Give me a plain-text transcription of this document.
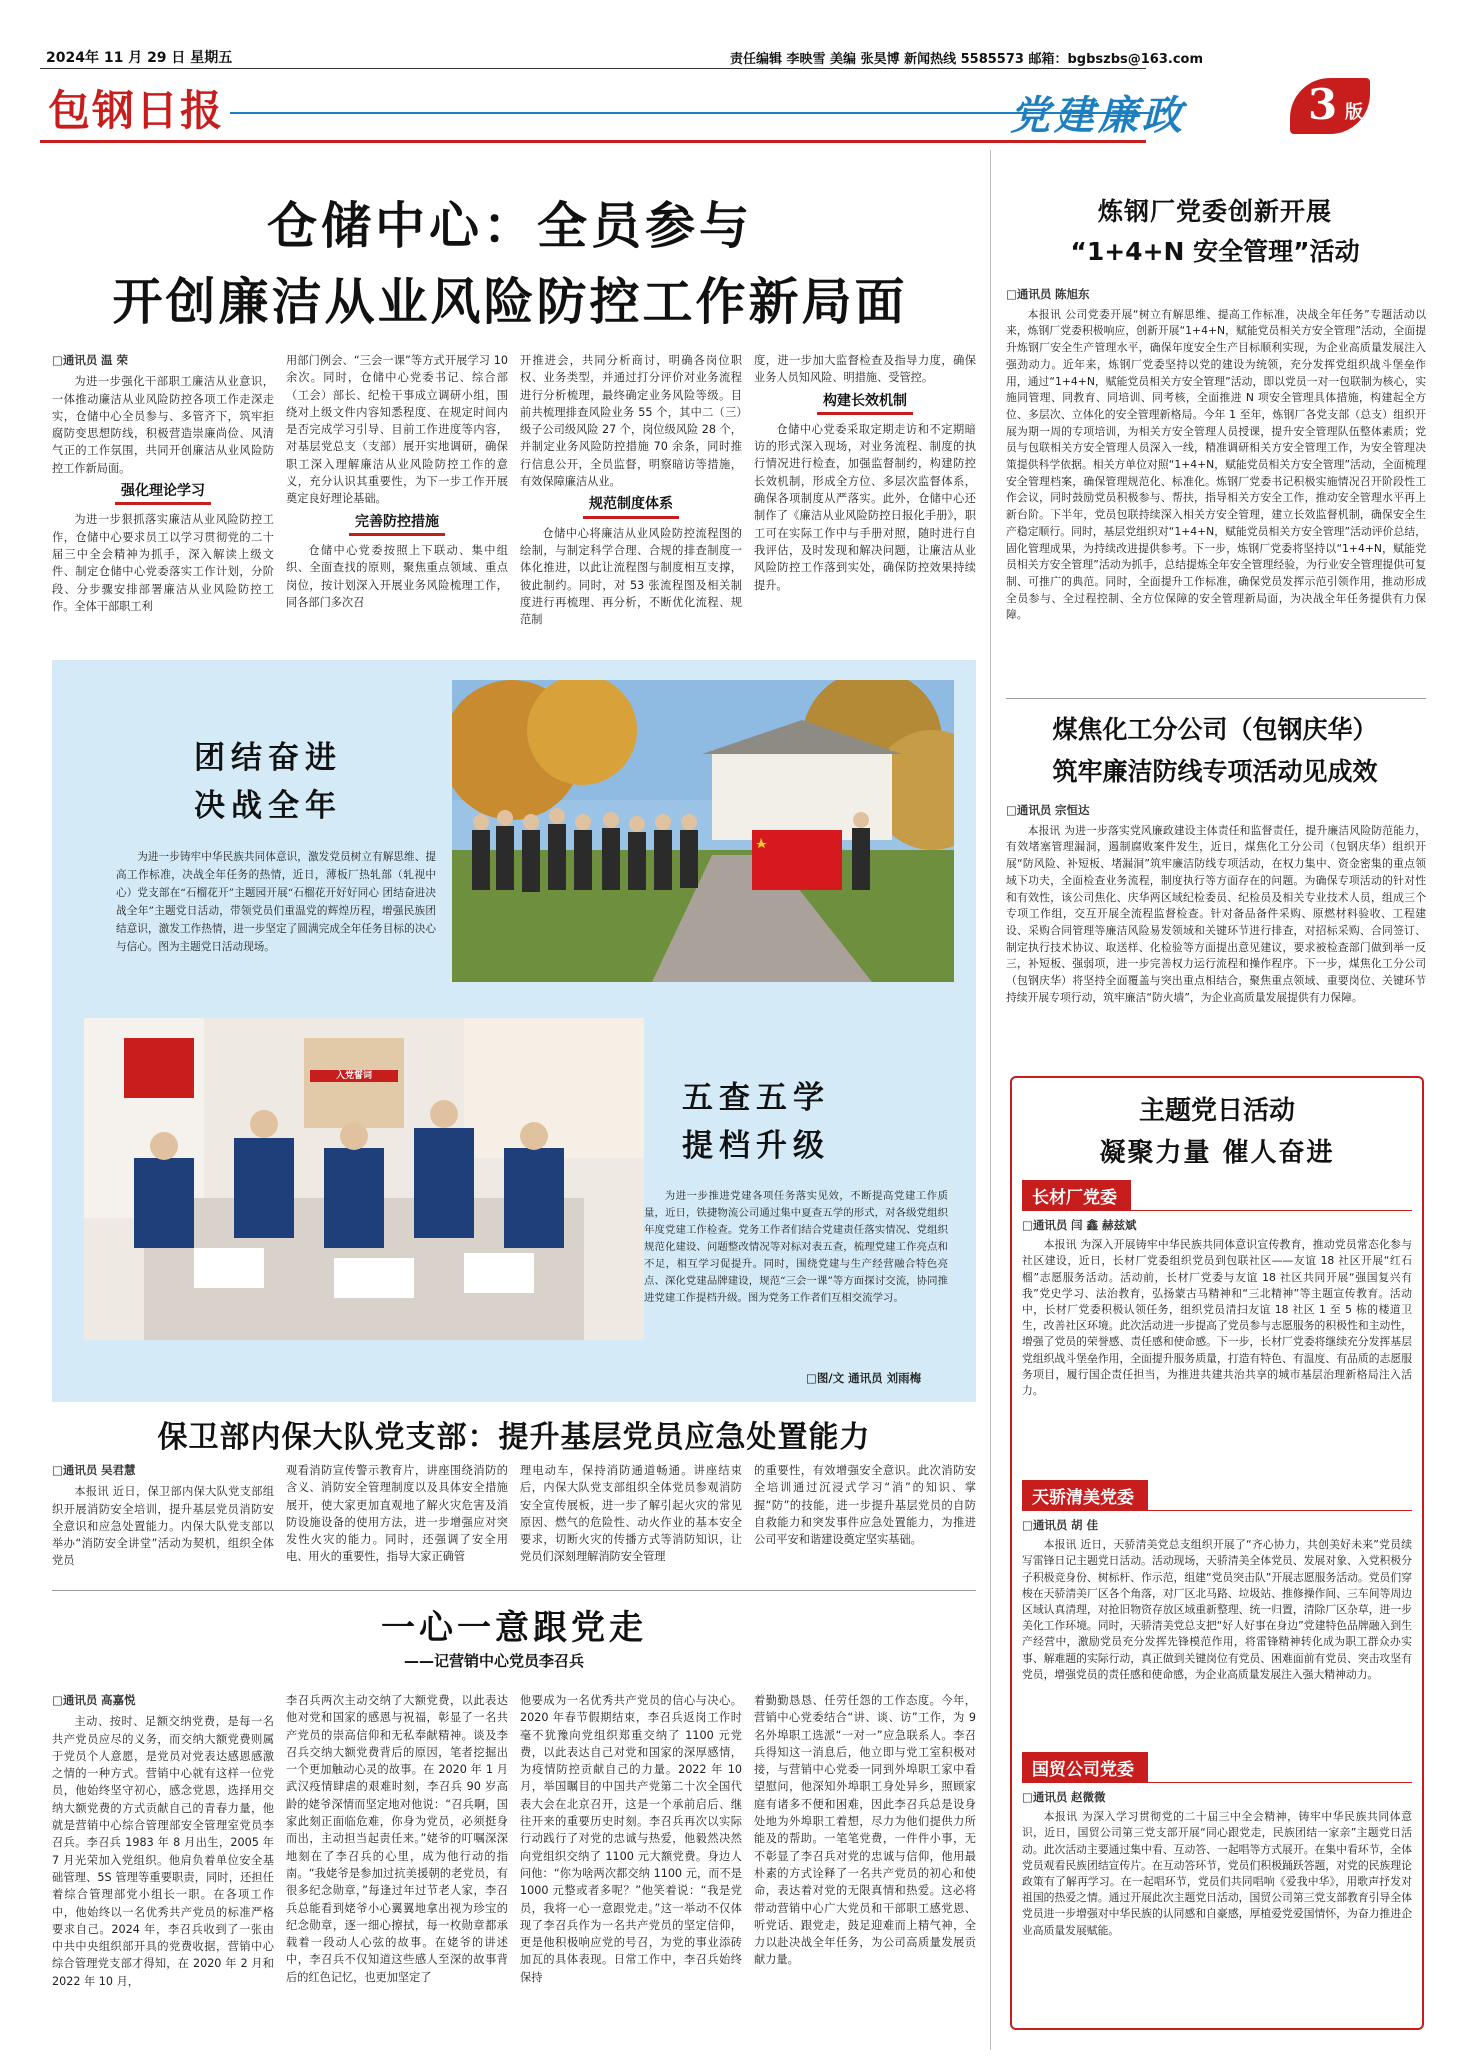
2024年 11 月 29 日 星期五	责任编辑 李映雪 美编 张昊博 新闻热线 5585573 邮箱：bgbszbs@163.com
包钢日报	党建廉政	3 版
仓储中心：全员参与
开创廉洁从业风险防控工作新局面
□通讯员 温 荣

为进一步强化干部职工廉洁从业意识，一体推动廉洁从业风险防控各项工作走深走实，仓储中心全员参与、多管齐下，筑牢拒腐防变思想防线，积极营造崇廉尚俭、风清气正的工作氛围，共同开创廉洁从业风险防控工作新局面。

强化理论学习

为进一步狠抓落实廉洁从业风险防控工作，仓储中心要求员工以学习贯彻党的二十届三中全会精神为抓手，深入解读上级文件、制定仓储中心党委落实工作计划，分阶段、分步骤安排部署廉洁从业风险防控工作。全体干部职工利

用部门例会、“三会一课”等方式开展学习 10 余次。同时，仓储中心党委书记、综合部（工会）部长、纪检干事成立调研小组，围绕对上级文件内容知悉程度、在规定时间内是否完成学习引导、目前工作进度等内容，对基层党总支（支部）展开实地调研，确保职工深入理解廉洁从业风险防控工作的意义，充分认识其重要性，为下一步工作开展奠定良好理论基础。

完善防控措施

仓储中心党委按照上下联动、集中组织、全面查找的原则，聚焦重点领域、重点岗位，按计划深入开展业务风险梳理工作，同各部门多次召

开推进会，共同分析商讨，明确各岗位职权、业务类型，并通过打分评价对业务流程进行分析梳理，最终确定业务风险等级。目前共梳理排查风险业务 55 个，其中二（三）级子公司级风险 27 个，岗位级风险 28 个，并制定业务风险防控措施 70 余条，同时推行信息公开，全员监督，明察暗访等措施，有效保障廉洁从业。

规范制度体系

仓储中心将廉洁从业风险防控流程图的绘制，与制定科学合理、合规的排查制度一体化推进，以此让流程图与制度相互支撑，彼此制约。同时，对 53 张流程图及相关制度进行再梳理、再分析，不断优化流程、规范制

度，进一步加大监督检查及指导力度，确保业务人员知风险、明措施、受管控。

构建长效机制

仓储中心党委采取定期走访和不定期暗访的形式深入现场，对业务流程、制度的执行情况进行检查，加强监督制约，构建防控长效机制，形成全方位、多层次监督体系，确保各项制度从严落实。此外，仓储中心还制作了《廉洁从业风险防控日报化手册》，职工可在实际工作中与手册对照，随时进行自我评估，及时发现和解决问题，让廉洁从业风险防控工作落到实处，确保防控效果持续提升。

团结奋进
决战全年
为进一步铸牢中华民族共同体意识，激发党员树立有解思维、提高工作标准，决战全年任务的热情，近日，薄板厂热轧部（轧视中心）党支部在“石榴花开”主题园开展“石榴花开好好同心 团结奋进决战全年”主题党日活动，带领党员们重温党的辉煌历程，增强民族团结意识，激发工作热情，进一步坚定了圆满完成全年任务目标的决心与信心。图为主题党日活动现场。
入党誓词
五查五学
提档升级
为进一步推进党建各项任务落实见效，不断提高党建工作质量，近日，铁捷物流公司通过集中夏查五学的形式，对各级党组织年度党建工作检查。党务工作者们结合党建责任落实情况、党组织规范化建设、问题整改情况等对标对表五查，梳理党建工作亮点和不足，相互学习促提升。同时，围绕党建与生产经营融合特色亮点、深化党建品牌建设，规范“三会一课”等方面探讨交流，协同推进党建工作提档升级。图为党务工作者们互相交流学习。
□图/文 通讯员 刘雨梅
保卫部内保大队党支部：提升基层党员应急处置能力
□通讯员 吴君慧

本报讯 近日，保卫部内保大队党支部组织开展消防安全培训，提升基层党员消防安全意识和应急处置能力。内保大队党支部以举办“消防安全讲堂”活动为契机，组织全体党员

观看消防宣传警示教育片，讲座围绕消防的含义、消防安全管理制度以及具体安全措施展开，使大家更加直观地了解火灾危害及消防设施设备的使用方法，进一步增强应对突发性火灾的能力。同时，还强调了安全用电、用火的重要性，指导大家正确管

理电动车，保持消防通道畅通。讲座结束后，内保大队党支部组织全体党员参观消防安全宣传展板，进一步了解引起火灾的常见原因、燃气的危险性、动火作业的基本安全要求，切断火灾的传播方式等消防知识，让党员们深刻理解消防安全管理

的重要性，有效增强安全意识。此次消防安全培训通过沉浸式学习“消”的知识、掌握“防”的技能，进一步提升基层党员的自防自救能力和突发事件应急处置能力，为推进公司平安和谐建设奠定坚实基础。

一心一意跟党走
——记营销中心党员李召兵
□通讯员 高嘉悦

主动、按时、足额交纳党费，是每一名共产党员应尽的义务，而交纳大额党费则属于党员个人意愿，是党员对党表达感恩感激之情的一种方式。营销中心就有这样一位党员，他始终坚守初心，感念党恩，选择用交纳大额党费的方式贡献自己的青春力量，他就是营销中心综合管理部安全管理室党员李召兵。李召兵 1983 年 8 月出生，2005 年 7 月光荣加入党组织。他肩负着单位安全基础管理、5S 管理等重要职责，同时，还担任着综合管理部党小组长一职。在各项工作中，他始终以一名优秀共产党员的标准严格要求自己。2024 年，李召兵收到了一张由中共中央组织部开具的党费收据，营销中心综合管理党支部才得知，在 2020 年 2 月和 2022 年 10 月，

李召兵两次主动交纳了大额党费，以此表达他对党和国家的感恩与祝福，彰显了一名共产党员的崇高信仰和无私奉献精神。谈及李召兵交纳大额党费背后的原因，笔者挖掘出一个更加触动心灵的故事。在 2020 年 1 月武汉疫情肆虐的艰难时刻，李召兵 90 岁高龄的姥爷深情而坚定地对他说：“召兵啊，国家此刻正面临危难，你身为党员，必须挺身而出，主动担当起责任来。”姥爷的叮嘱深深地刻在了李召兵的心里，成为他行动的指南。“我姥爷是参加过抗美援朝的老党员，有很多纪念勋章，”每逢过年过节老人家，李召兵总能看到姥爷小心翼翼地拿出视为珍宝的纪念勋章，逐一细心擦拭，每一枚勋章都承载着一段动人心弦的故事。在姥爷的讲述中，李召兵不仅知道这些感人至深的故事背后的红色记忆，也更加坚定了

他要成为一名优秀共产党员的信心与决心。2020 年春节假期结束，李召兵返岗工作时毫不犹豫向党组织郑重交纳了 1100 元党费，以此表达自己对党和国家的深厚感情，为疫情防控贡献自己的力量。2022 年 10 月，举国瞩目的中国共产党第二十次全国代表大会在北京召开，这是一个承前启后、继往开来的重要历史时刻。李召兵再次以实际行动践行了对党的忠诚与热爱，他毅然决然向党组织交纳了 1100 元大额党费。身边人问他：“你为啥两次都交纳 1100 元，而不是 1000 元整或者多呢？”他笑着说：“我是党员，我将一心一意跟党走。”这一举动不仅体现了李召兵作为一名共产党员的坚定信仰，更是他积极响应党的号召，为党的事业添砖加瓦的具体表现。日常工作中，李召兵始终保持

着勤勤恳恳、任劳任怨的工作态度。今年，营销中心党委结合“讲、谈、访”工作，为 9 名外埠职工选派“一对一”应急联系人。李召兵得知这一消息后，他立即与党工室积极对接，与营销中心党委一同到外埠职工家中看望慰问，他深知外埠职工身处异乡，照顾家庭有诸多不便和困难，因此李召兵总是设身处地为外埠职工着想，尽力为他们提供力所能及的帮助。一笔笔党费，一件件小事，无不彰显了李召兵对党的忠诚与信仰，他用最朴素的方式诠释了一名共产党员的初心和使命，表达着对党的无限真情和热爱。这必将带动营销中心广大党员和干部职工感党恩、听党话、跟党走，鼓足迎难而上精气神，全力以赴决战全年任务，为公司高质量发展贡献力量。

炼钢厂党委创新开展
“1+4+N 安全管理”活动
□通讯员 陈旭东

本报讯 公司党委开展“树立有解思维、提高工作标准，决战全年任务”专题活动以来，炼钢厂党委积极响应，创新开展“1+4+N，赋能党员相关方安全管理”活动，全面提升炼钢厂安全生产管理水平，确保年度安全生产目标顺利实现，为企业高质量发展注入强劲动力。近年来，炼钢厂党委坚持以党的建设为统领，充分发挥党组织战斗堡垒作用，通过“1+4+N，赋能党员相关方安全管理”活动，即以党员一对一包联制为核心，实施同管理、同教育、同培训、同考核，全面推进 N 项安全管理具体措施，构建起全方位、多层次、立体化的安全管理新格局。今年 1 至年，炼钢厂各党支部（总支）组织开展为期一周的专项培训，为相关方安全管理人员授课，提升安全管理队伍整体素质；党员与包联相关方安全管理人员深入一线，精准调研相关方安全管理工作，为安全管理决策提供科学依据。相关方单位对照“1+4+N，赋能党员相关方安全管理”活动，全面梳理安全管理档案，确保管理规范化、标准化。炼钢厂党委书记积极实施情况召开阶段性工作会议，同时鼓励党员积极参与、帮扶，指导相关方安全工作，推动安全管理水平再上新台阶。下半年，党员包联持续深入相关方安全管理，建立长效监督机制，确保安全生产稳定顺行。同时，基层党组织对“1+4+N，赋能党员相关方安全管理”活动评价总结，固化管理成果，为持续改进提供参考。下一步，炼钢厂党委将坚持以“1+4+N，赋能党员相关方安全管理”活动为抓手，总结提炼全年安全管理经验，为行业安全管理提供可复制、可推广的典范。同时，全面提升工作标准，确保党员发挥示范引领作用，推动形成全员参与、全过程控制、全方位保障的安全管理新局面，为决战全年任务提供有力保障。

煤焦化工分公司（包钢庆华）
筑牢廉洁防线专项活动见成效
□通讯员 宗恒达

本报讯 为进一步落实党风廉政建设主体责任和监督责任，提升廉洁风险防范能力，有效堵塞管理漏洞，遏制腐败案件发生，近日，煤焦化工分公司（包钢庆华）组织开展“防风险、补短板、堵漏洞”筑牢廉洁防线专项活动，在权力集中、资金密集的重点领域下功夫，全面检查业务流程，制度执行等方面存在的问题。为确保专项活动的针对性和有效性，该公司焦化、庆华两区域纪检委员、纪检员及相关专业技术人员，组成三个专项工作组，交互开展全流程监督检查。针对备品备件采购、原燃材料验收、工程建设、采购合同管理等廉洁风险易发领域和关键环节进行排查，对招标采购、合同签订、制定执行技术协议、取送样、化检验等方面提出意见建议，要求被检查部门做到举一反三，补短板、强弱项，进一步完善权力运行流程和操作程序。下一步，煤焦化工分公司（包钢庆华）将坚持全面覆盖与突出重点相结合，聚焦重点领域、重要岗位、关键环节持续开展专项行动，筑牢廉洁“防火墙”，为企业高质量发展提供有力保障。

主题党日活动
凝聚力量 催人奋进
长材厂党委
□通讯员 闫 鑫 赫兹斌

本报讯 为深入开展铸牢中华民族共同体意识宣传教育，推动党员常态化参与社区建设，近日，长材厂党委组织党员到包联社区——友谊 18 社区开展“红石榴”志愿服务活动。活动前，长材厂党委与友谊 18 社区共同开展“强国复兴有我”党史学习、法治教育，弘扬蒙古马精神和“三北精神”等主题宣传教育。活动中，长材厂党委积极认领任务，组织党员清扫友谊 18 社区 1 至 5 栋的楼道卫生，改善社区环境。此次活动进一步提高了党员参与志愿服务的积极性和主动性，增强了党员的荣誉感、责任感和使命感。下一步，长材厂党委将继续充分发挥基层党组织战斗堡垒作用，全面提升服务质量，打造有特色、有温度、有品质的志愿服务项目，履行国企责任担当，为推进共建共治共享的城市基层治理新格局注入活力。

天骄清美党委
□通讯员 胡 佳

本报讯 近日，天骄清美党总支组织开展了“齐心协力，共创美好未来”党员续写雷锋日记主题党日活动。活动现场，天骄清美全体党员、发展对象、入党积极分子积极竞身份、树标杆、作示范，组建“党员突击队”开展志愿服务活动。党员们穿梭在天骄清美厂区各个角落，对厂区北马路、垃圾站、推修操作间、三车间等周边区域认真清理，对抢旧物资存放区域重新整理、统一归置，清除厂区杂草，进一步美化工作环境。同时，天骄清美党总支把“好人好事在身边”党建特色品牌融入到生产经营中，激励党员充分发挥先锋模范作用，将雷锋精神转化成为职工群众办实事、解难题的实际行动，真正做到关键岗位有党员、困难面前有党员、突击攻坚有党员，增强党员的责任感和使命感，为企业高质量发展注入强大精神动力。

国贸公司党委
□通讯员 赵微微

本报讯 为深入学习贯彻党的二十届三中全会精神，铸牢中华民族共同体意识，近日，国贸公司第三党支部开展“同心跟党走，民族团结一家亲”主题党日活动。此次活动主要通过集中看、互动答、一起唱等方式展开。在集中看环节，全体党员观看民族团结宣传片。在互动答环节，党员们积极踊跃答题，对党的民族理论政策有了解再学习。在一起唱环节，党员们共同唱响《爱我中华》，用歌声抒发对祖国的热爱之情。通过开展此次主题党日活动，国贸公司第三党支部教育引导全体党员进一步增强对中华民族的认同感和自豪感，厚植爱党爱国情怀，为奋力推进企业高质量发展赋能。
